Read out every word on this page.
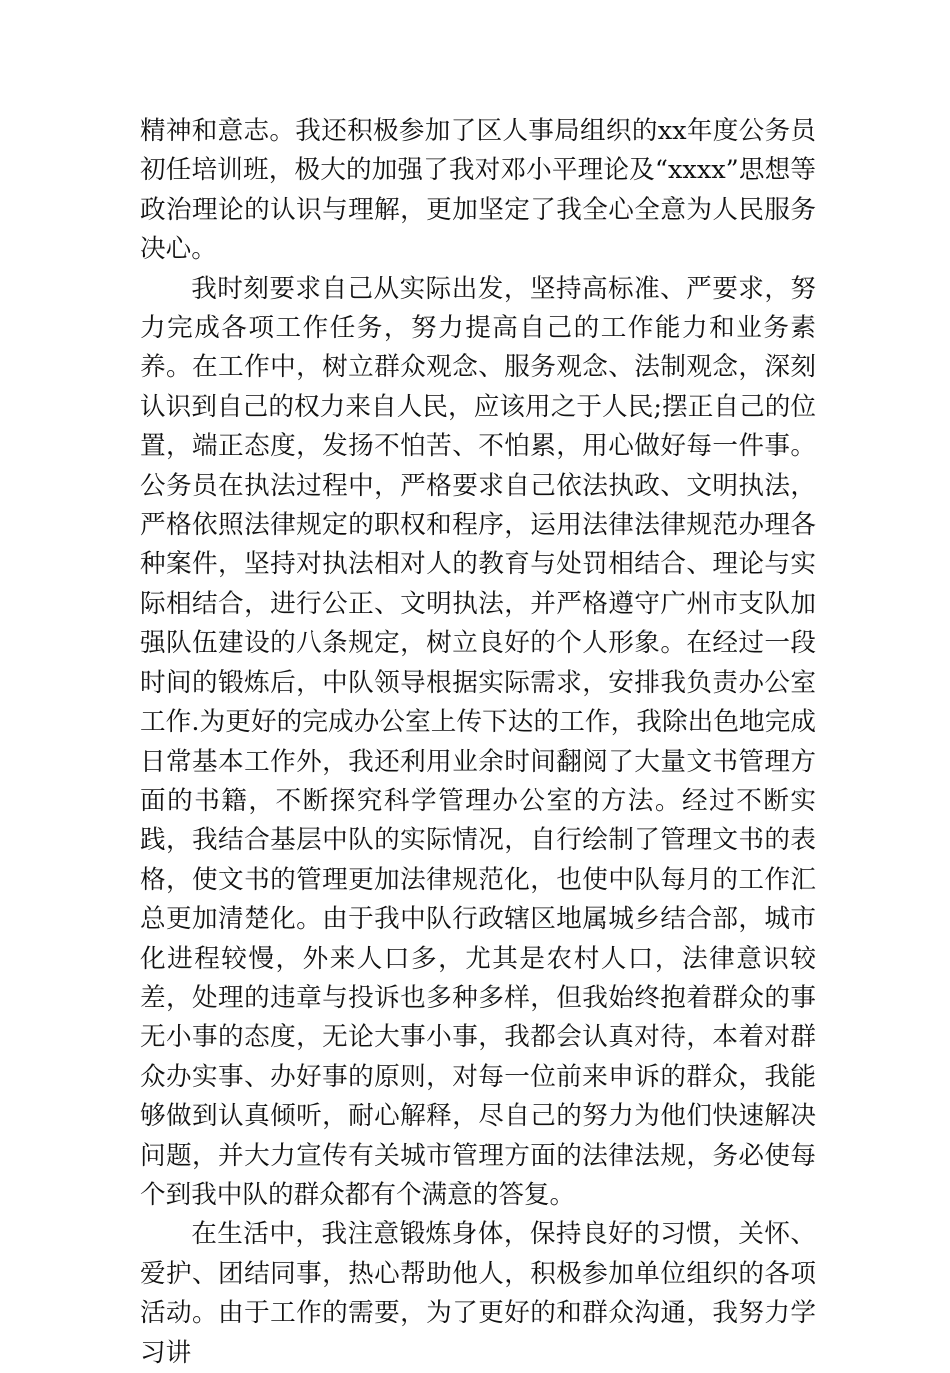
精神和意志。我还积极参加了区人事局组织的xx年度公务员初任培训班，极大的加强了我对邓小平理论及“xxxx”思想等政治理论的认识与理解，更加坚定了我全心全意为人民服务决心。

我时刻要求自己从实际出发，坚持高标准、严要求，努力完成各项工作任务，努力提高自己的工作能力和业务素养。在工作中，树立群众观念、服务观念、法制观念，深刻认识到自己的权力来自人民，应该用之于人民;摆正自己的位置，端正态度，发扬不怕苦、不怕累，用心做好每一件事。公务员在执法过程中，严格要求自己依法执政、文明执法，严格依照法律规定的职权和程序，运用法律法律规范办理各种案件，坚持对执法相对人的教育与处罚相结合、理论与实际相结合，进行公正、文明执法，并严格遵守广州市支队加强队伍建设的八条规定，树立良好的个人形象。在经过一段时间的锻炼后，中队领导根据实际需求，安排我负责办公室工作.为更好的完成办公室上传下达的工作，我除出色地完成日常基本工作外，我还利用业余时间翻阅了大量文书管理方面的书籍，不断探究科学管理办公室的方法。经过不断实践，我结合基层中队的实际情况，自行绘制了管理文书的表格，使文书的管理更加法律规范化，也使中队每月的工作汇总更加清楚化。由于我中队行政辖区地属城乡结合部，城市化进程较慢，外来人口多，尤其是农村人口，法律意识较差，处理的违章与投诉也多种多样，但我始终抱着群众的事无小事的态度，无论大事小事，我都会认真对待，本着对群众办实事、办好事的原则，对每一位前来申诉的群众，我能够做到认真倾听，耐心解释，尽自己的努力为他们快速解决问题，并大力宣传有关城市管理方面的法律法规，务必使每个到我中队的群众都有个满意的答复。

在生活中，我注意锻炼身体，保持良好的习惯，关怀、爱护、团结同事，热心帮助他人，积极参加单位组织的各项活动。由于工作的需要，为了更好的和群众沟通，我努力学习讲
